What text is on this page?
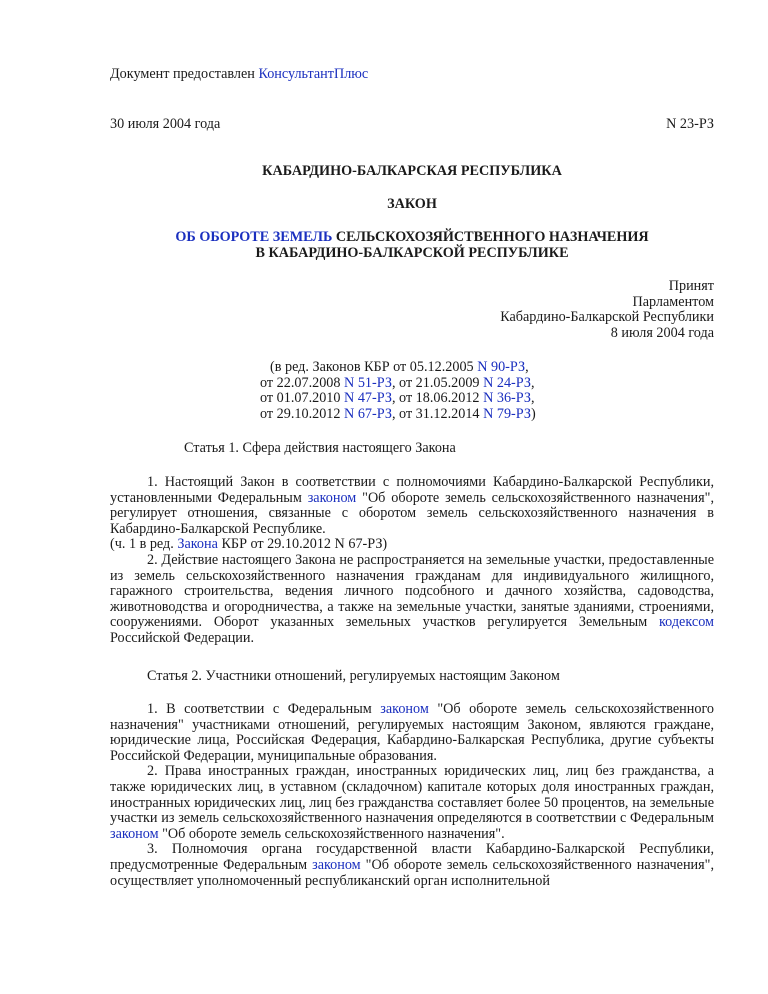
Документ предоставлен КонсультантПлюс
30 июля 2004 года	N 23-РЗ
КАБАРДИНО-БАЛКАРСКАЯ РЕСПУБЛИКА
ЗАКОН
ОБ ОБОРОТЕ ЗЕМЕЛЬ СЕЛЬСКОХОЗЯЙСТВЕННОГО НАЗНАЧЕНИЯ
В КАБАРДИНО-БАЛКАРСКОЙ РЕСПУБЛИКЕ
Принят
Парламентом
Кабардино-Балкарской Республики
8 июля 2004 года
(в ред. Законов КБР от 05.12.2005 N 90-РЗ,
от 22.07.2008 N 51-РЗ, от 21.05.2009 N 24-РЗ,
от 01.07.2010 N 47-РЗ, от 18.06.2012 N 36-РЗ,
от 29.10.2012 N 67-РЗ, от 31.12.2014 N 79-РЗ)
Статья 1. Сфера действия настоящего Закона

1. Настоящий Закон в соответствии с полномочиями Кабардино-Балкарской Республики, установленными Федеральным законом "Об обороте земель сельскохозяйственного назначения", регулирует отношения, связанные с оборотом земель сельскохозяйственного назначения в Кабардино-Балкарской Республике.

(ч. 1 в ред. Закона КБР от 29.10.2012 N 67-РЗ)

2. Действие настоящего Закона не распространяется на земельные участки, предоставленные из земель сельскохозяйственного назначения гражданам для индивидуального жилищного, гаражного строительства, ведения личного подсобного и дачного хозяйства, садоводства, животноводства и огородничества, а также на земельные участки, занятые зданиями, строениями, сооружениями. Оборот указанных земельных участков регулируется Земельным кодексом Российской Федерации.

Статья 2. Участники отношений, регулируемых настоящим Законом

1. В соответствии с Федеральным законом "Об обороте земель сельскохозяйственного назначения" участниками отношений, регулируемых настоящим Законом, являются граждане, юридические лица, Российская Федерация, Кабардино-Балкарская Республика, другие субъекты Российской Федерации, муниципальные образования.

2. Права иностранных граждан, иностранных юридических лиц, лиц без гражданства, а также юридических лиц, в уставном (складочном) капитале которых доля иностранных граждан, иностранных юридических лиц, лиц без гражданства составляет более 50 процентов, на земельные участки из земель сельскохозяйственного назначения определяются в соответствии с Федеральным законом "Об обороте земель сельскохозяйственного назначения".

3. Полномочия органа государственной власти Кабардино-Балкарской Республики, предусмотренные Федеральным законом "Об обороте земель сельскохозяйственного назначения", осуществляет уполномоченный республиканский орган исполнительной
